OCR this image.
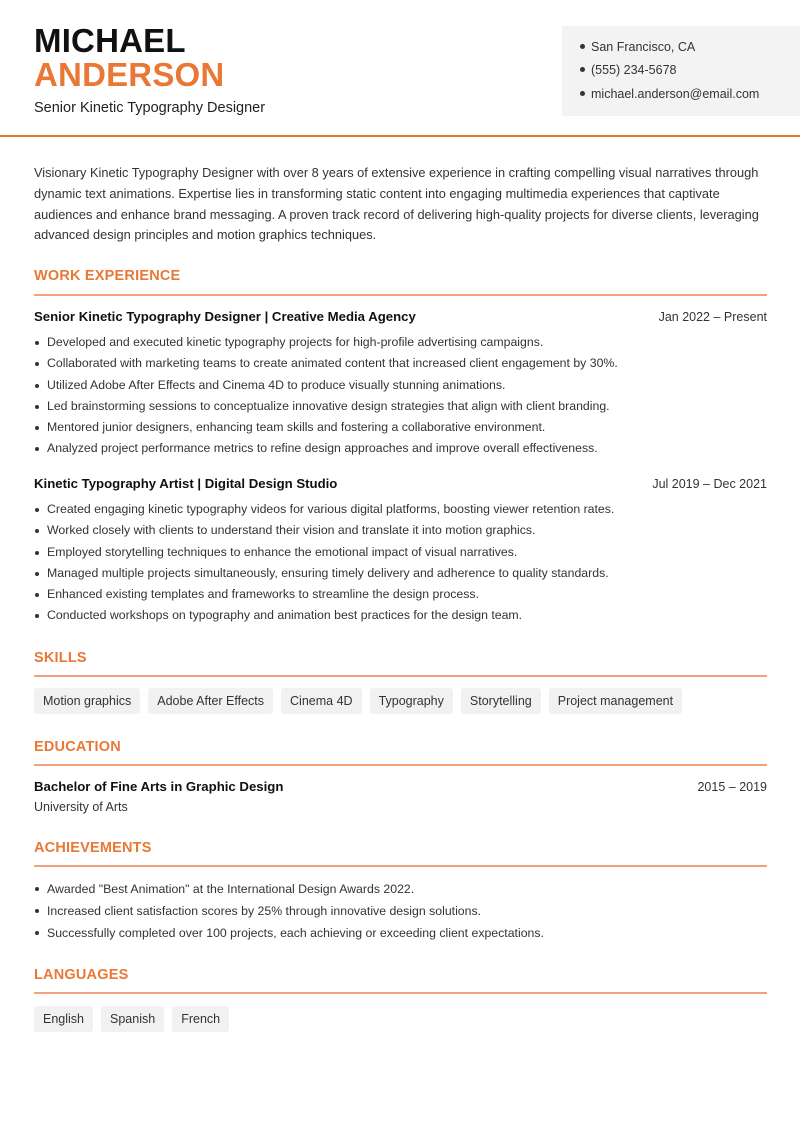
MICHAEL
ANDERSON
Senior Kinetic Typography Designer
San Francisco, CA
(555) 234-5678
michael.anderson@email.com
Visionary Kinetic Typography Designer with over 8 years of extensive experience in crafting compelling visual narratives through dynamic text animations. Expertise lies in transforming static content into engaging multimedia experiences that captivate audiences and enhance brand messaging. A proven track record of delivering high-quality projects for diverse clients, leveraging advanced design principles and motion graphics techniques.
WORK EXPERIENCE
Senior Kinetic Typography Designer | Creative Media Agency	Jan 2022 – Present
Developed and executed kinetic typography projects for high-profile advertising campaigns.
Collaborated with marketing teams to create animated content that increased client engagement by 30%.
Utilized Adobe After Effects and Cinema 4D to produce visually stunning animations.
Led brainstorming sessions to conceptualize innovative design strategies that align with client branding.
Mentored junior designers, enhancing team skills and fostering a collaborative environment.
Analyzed project performance metrics to refine design approaches and improve overall effectiveness.
Kinetic Typography Artist | Digital Design Studio	Jul 2019 – Dec 2021
Created engaging kinetic typography videos for various digital platforms, boosting viewer retention rates.
Worked closely with clients to understand their vision and translate it into motion graphics.
Employed storytelling techniques to enhance the emotional impact of visual narratives.
Managed multiple projects simultaneously, ensuring timely delivery and adherence to quality standards.
Enhanced existing templates and frameworks to streamline the design process.
Conducted workshops on typography and animation best practices for the design team.
SKILLS
Motion graphics	Adobe After Effects	Cinema 4D	Typography	Storytelling	Project management
EDUCATION
Bachelor of Fine Arts in Graphic Design	2015 – 2019
University of Arts
ACHIEVEMENTS
Awarded "Best Animation" at the International Design Awards 2022.
Increased client satisfaction scores by 25% through innovative design solutions.
Successfully completed over 100 projects, each achieving or exceeding client expectations.
LANGUAGES
English	Spanish	French
